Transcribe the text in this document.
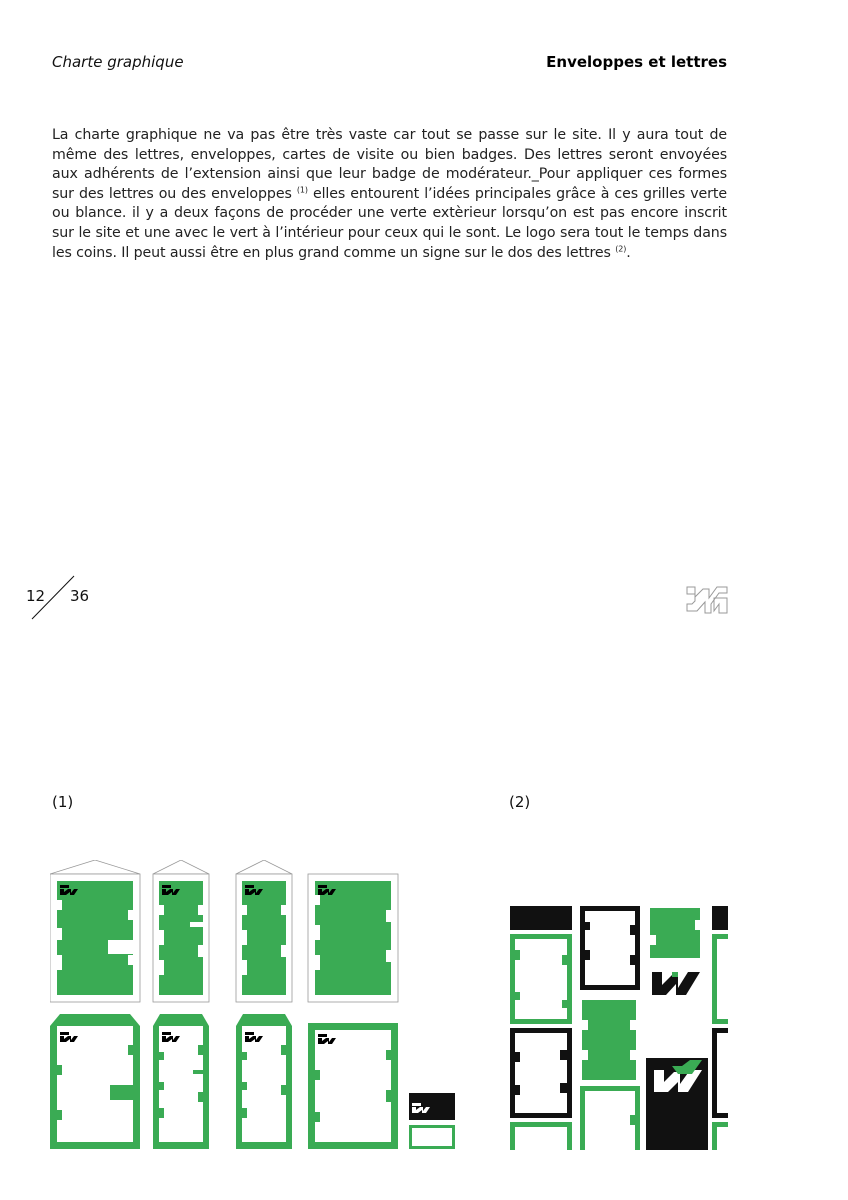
Charte graphique	Enveloppes et lettres

La charte graphique ne va pas être très vaste car tout se passe sur le site. Il y aura tout de même des lettres, enveloppes, cartes de visite ou bien badges. Des lettres seront envoyées aux adhérents de l’extension ainsi que leur badge de modérateur._Pour appliquer ces formes sur des lettres ou des enveloppes $^{(1)}$ elles entourent l’idées principales grâce à ces grilles verte ou blance. il y a deux façons de procéder une verte extèrieur lorsqu’on est pas encore inscrit sur le site et une avec le vert à l’intérieur pour ceux qui le sont. Le logo sera tout le temps dans les coins. Il peut aussi être en plus grand comme un signe sur le dos des lettres $^{(2)}$.

12 36
(1)	(2)
